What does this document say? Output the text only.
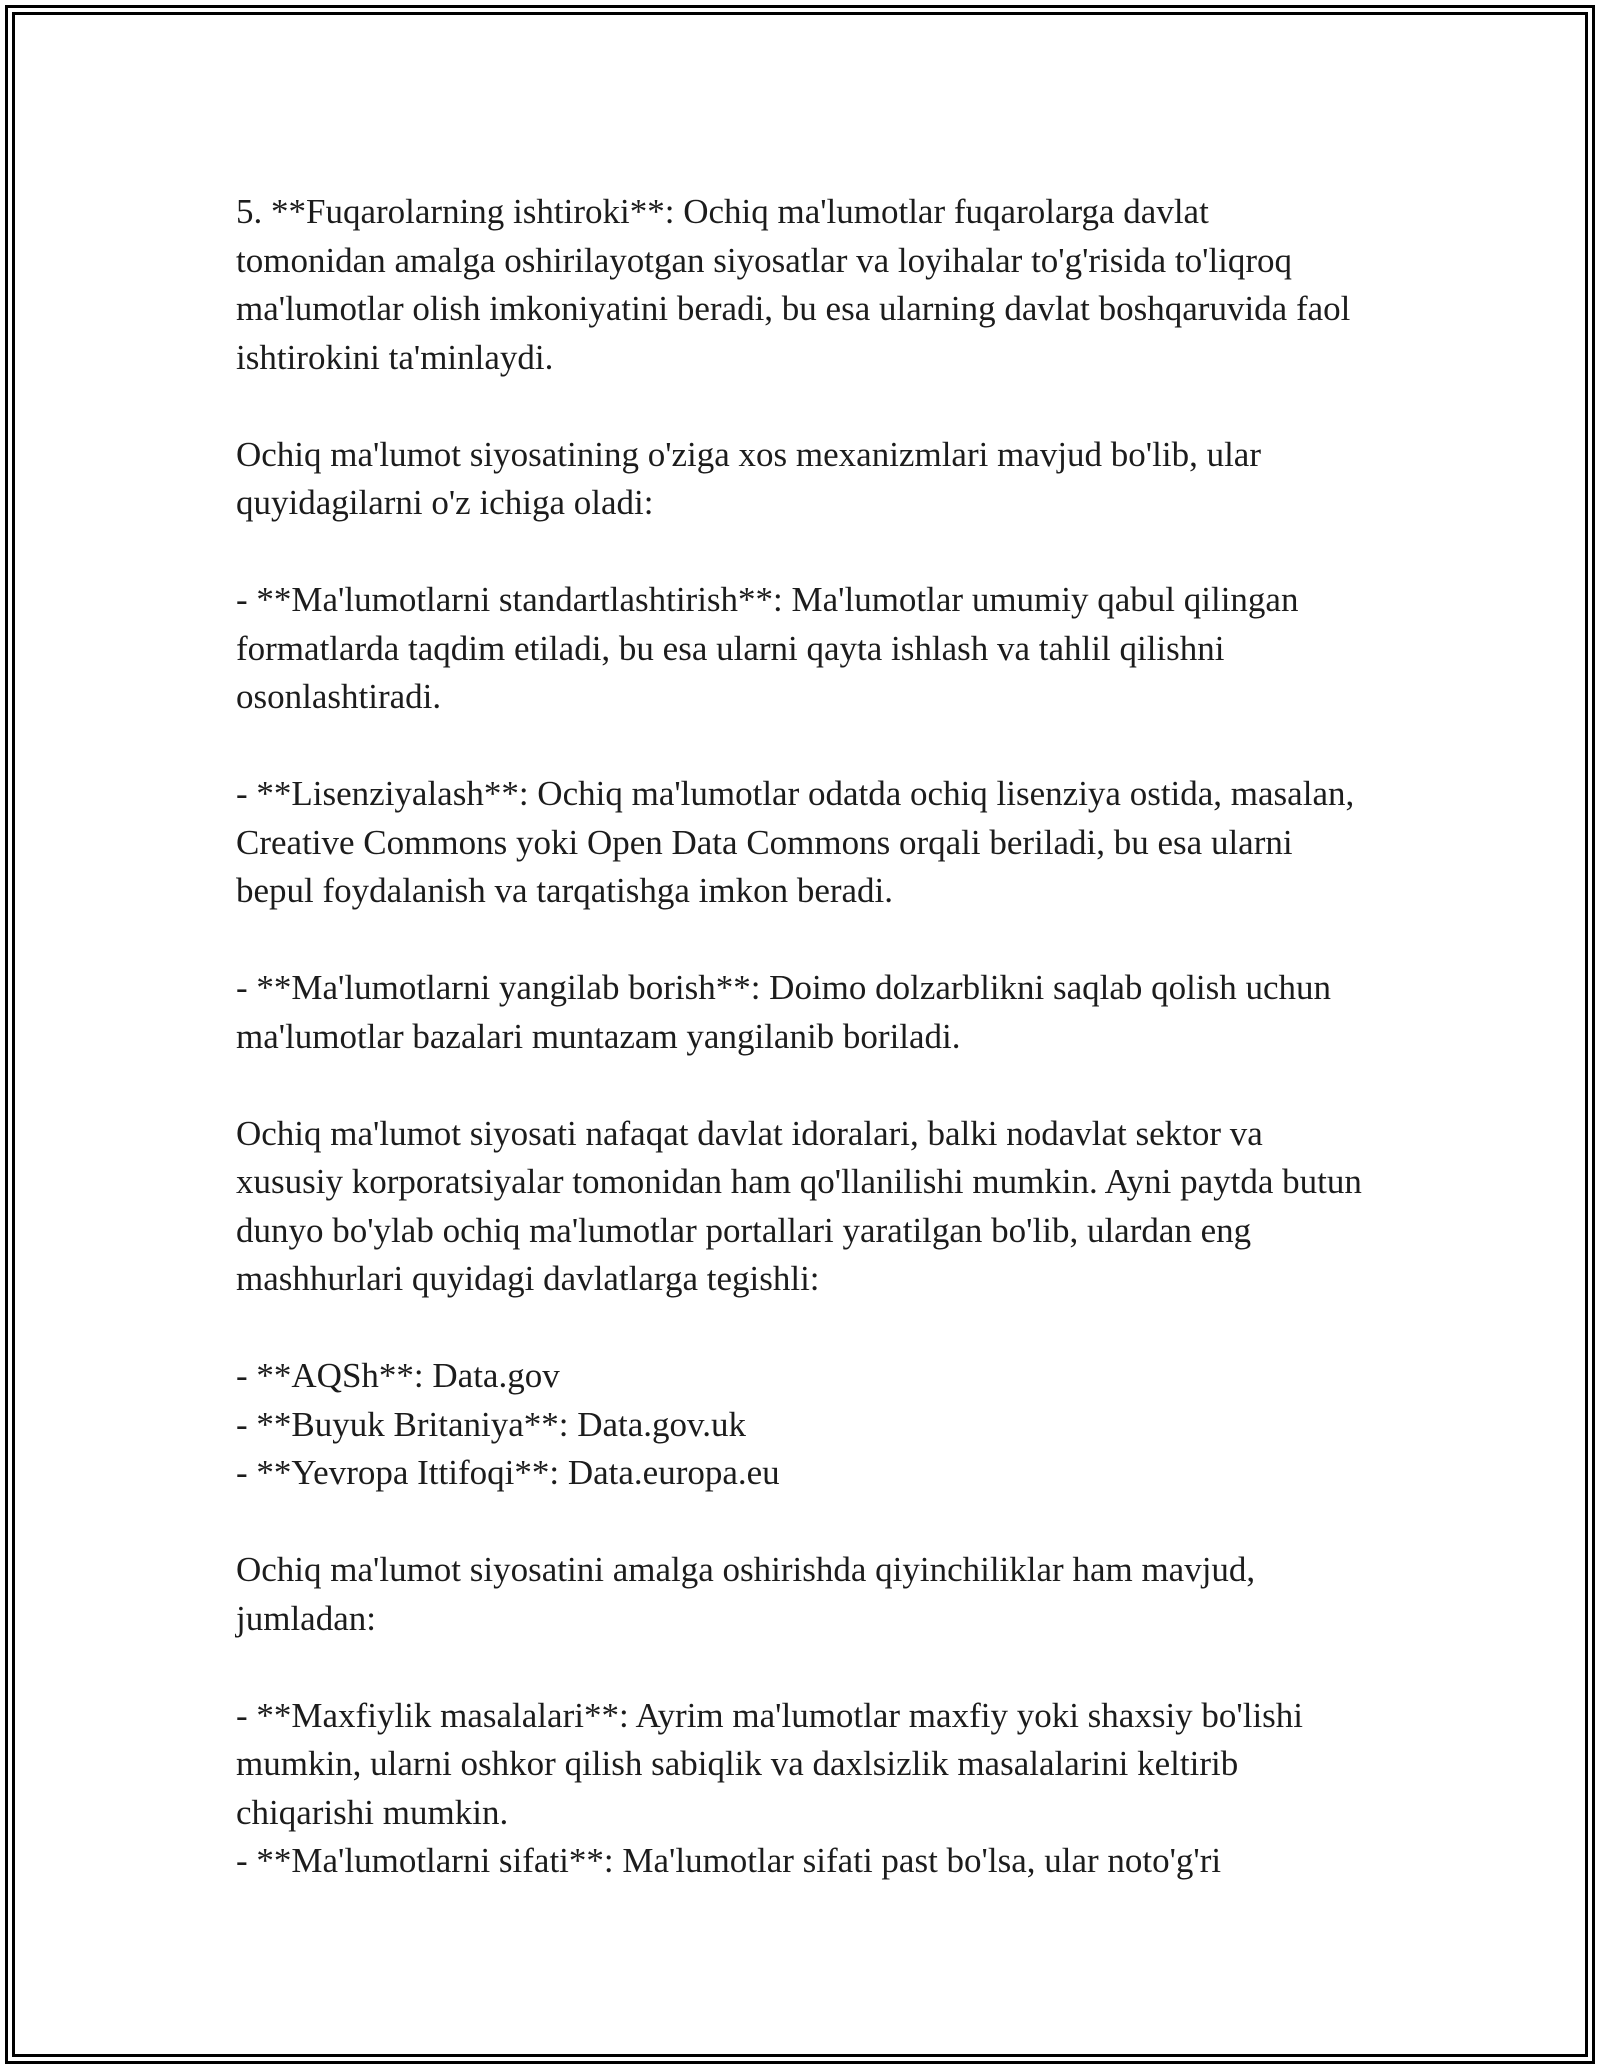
5. **Fuqarolarning ishtiroki**: Ochiq ma'lumotlar fuqarolarga davlat tomonidan amalga oshirilayotgan siyosatlar va loyihalar to'g'risida to'liqroq ma'lumotlar olish imkoniyatini beradi, bu esa ularning davlat boshqaruvida faol ishtirokini ta'minlaydi.

Ochiq ma'lumot siyosatining o'ziga xos mexanizmlari mavjud bo'lib, ular quyidagilarni o'z ichiga oladi:

- **Ma'lumotlarni standartlashtirish**: Ma'lumotlar umumiy qabul qilingan formatlarda taqdim etiladi, bu esa ularni qayta ishlash va tahlil qilishni osonlashtiradi.

- **Lisenziyalash**: Ochiq ma'lumotlar odatda ochiq lisenziya ostida, masalan, Creative Commons yoki Open Data Commons orqali beriladi, bu esa ularni bepul foydalanish va tarqatishga imkon beradi.

- **Ma'lumotlarni yangilab borish**: Doimo dolzarblikni saqlab qolish uchun ma'lumotlar bazalari muntazam yangilanib boriladi.

Ochiq ma'lumot siyosati nafaqat davlat idoralari, balki nodavlat sektor va xususiy korporatsiyalar tomonidan ham qo'llanilishi mumkin. Ayni paytda butun dunyo bo'ylab ochiq ma'lumotlar portallari yaratilgan bo'lib, ulardan eng mashhurlari quyidagi davlatlarga tegishli:

- **AQSh**: Data.gov

- **Buyuk Britaniya**: Data.gov.uk

- **Yevropa Ittifoqi**: Data.europa.eu

Ochiq ma'lumot siyosatini amalga oshirishda qiyinchiliklar ham mavjud, jumladan:

- **Maxfiylik masalalari**: Ayrim ma'lumotlar maxfiy yoki shaxsiy bo'lishi mumkin, ularni oshkor qilish sabiqlik va daxlsizlik masalalarini keltirib chiqarishi mumkin.

- **Ma'lumotlarni sifati**: Ma'lumotlar sifati past bo'lsa, ular noto'g'ri
